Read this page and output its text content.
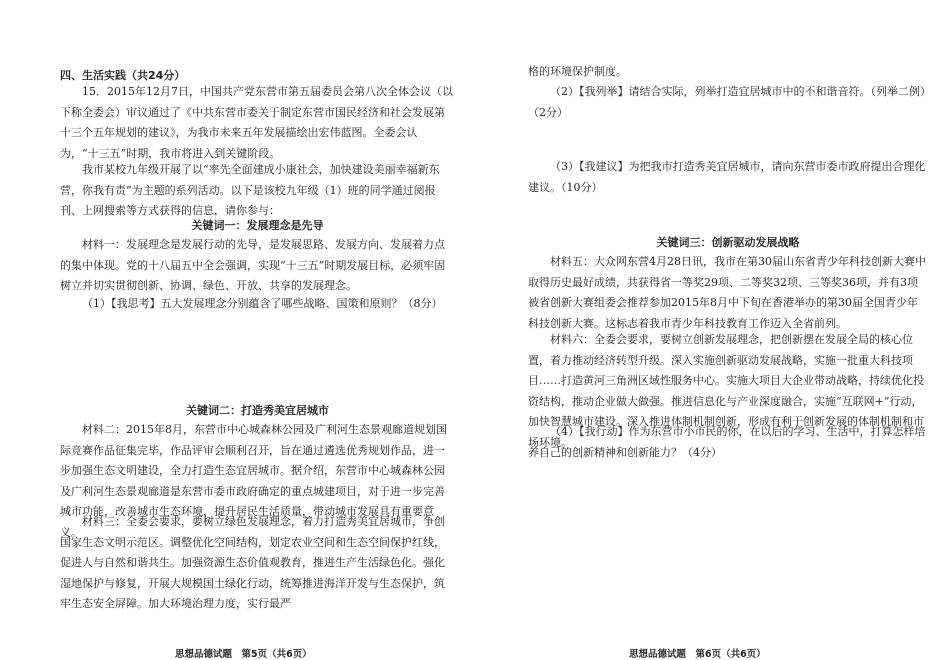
四、生活实践（共24分）

15．2015年12月7日，中国共产党东营市第五届委员会第八次全体会议（以下称全委会）审议通过了《中共东营市委关于制定东营市国民经济和社会发展第十三个五年规划的建议》，为我市未来五年发展描绘出宏伟蓝图。全委会认为，“十三五”时期，我市将进入到关键阶段。

我市某校九年级开展了以“率先全面建成小康社会，加快建设美丽幸福新东营，你我有责”为主题的系列活动。以下是该校九年级（1）班的同学通过阅报刊、上网搜索等方式获得的信息，请你参与：

关键词一：发展理念是先导

材料一：发展理念是发展行动的先导，是发展思路、发展方向、发展着力点的集中体现。党的十八届五中全会强调，实现“十三五”时期发展目标，必须牢固树立并切实贯彻创新、协调、绿色、开放、共享的发展理念。

（1）【我思考】五大发展理念分别蕴含了哪些战略、国策和原则？（8分）

关键词二：打造秀美宜居城市

材料二：2015年8月，东营市中心城森林公园及广利河生态景观廊道规划国际竞赛作品征集完毕，作品评审会顺利召开，旨在通过遴选优秀规划作品，进一步加强生态文明建设，全力打造生态宜居城市。据介绍，东营市中心城森林公园及广利河生态景观廊道是东营市委市政府确定的重点城建项目，对于进一步完善城市功能，改善城市生态环境，提升居民生活质量，带动城市发展具有重要意义。

材料三：全委会要求，要树立绿色发展理念，着力打造秀美宜居城市，争创国家生态文明示范区。调整优化空间结构，划定农业空间和生态空间保护红线，促进人与自然和谐共生。加强资源生态价值观教育，推进生产生活绿色化。强化湿地保护与修复，开展大规模国土绿化行动，统筹推进海洋开发与生态保护，筑牢生态安全屏障。加大环境治理力度，实行最严

思想品德试题　第5页（共6页）

格的环境保护制度。

（2）【我列举】请结合实际，列举打造宜居城市中的不和谐音符。（列举二例）（2分）

（3）【我建议】为把我市打造秀美宜居城市，请向东营市委市政府提出合理化建议。（10分）

关键词三：创新驱动发展战略

材料五：大众网东营4月28日讯，我市在第30届山东省青少年科技创新大赛中取得历史最好成绩，共获得省一等奖29项、二等奖32项、三等奖36项，并有3项被省创新大赛组委会推荐参加2015年8月中下旬在香港举办的第30届全国青少年科技创新大赛。这标志着我市青少年科技教育工作迈入全省前列。

材料六：全委会要求，要树立创新发展理念，把创新摆在发展全局的核心位置，着力推动经济转型升级。深入实施创新驱动发展战略，实施一批重大科技项目……打造黄河三角洲区域性服务中心。实施大项目大企业带动战略，持续优化投资结构，推动企业做大做强。推进信息化与产业深度融合，实施“互联网+”行动，加快智慧城市建设。深入推进体制机制创新，形成有利于创新发展的体制机制和市场环境。

（4）【我行动】作为东营市小市民的你，在以后的学习、生活中，打算怎样培养自己的创新精神和创新能力？（4分）

思想品德试题　第6页（共6页）
